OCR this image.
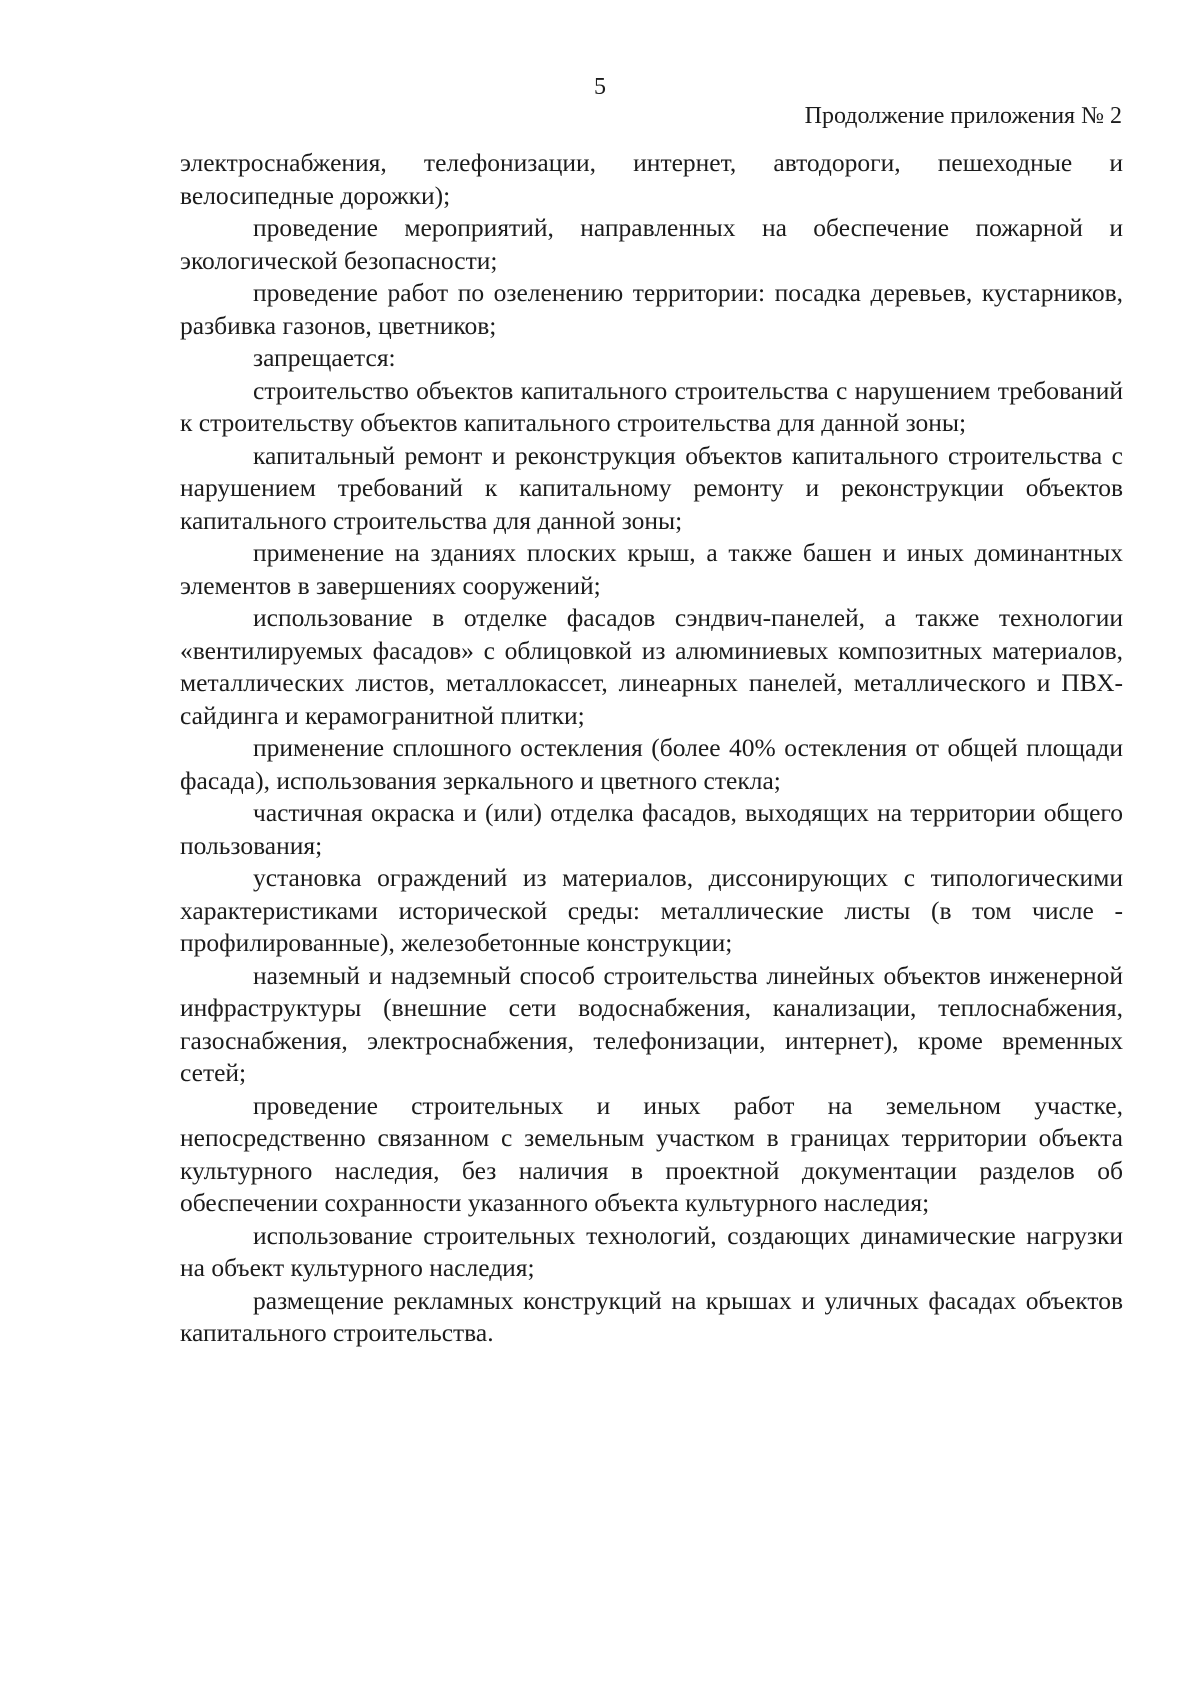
5
Продолжение приложения № 2

электроснабжения, телефонизации, интернет, автодороги, пешеходные и велосипедные дорожки);

проведение мероприятий, направленных на обеспечение пожарной и экологической безопасности;

проведение работ по озеленению территории: посадка деревьев, кустарников, разбивка газонов, цветников;

запрещается:

строительство объектов капитального строительства с нарушением требований к строительству объектов капитального строительства для данной зоны;

капитальный ремонт и реконструкция объектов капитального строительства с нарушением требований к капитальному ремонту и реконструкции объектов капитального строительства для данной зоны;

применение на зданиях плоских крыш, а также башен и иных доминантных элементов в завершениях сооружений;

использование в отделке фасадов сэндвич-панелей, а также технологии «вентилируемых фасадов» с облицовкой из алюминиевых композитных материалов, металлических листов, металлокассет, линеарных панелей, металлического и ПВХ-сайдинга и керамогранитной плитки;

применение сплошного остекления (более 40% остекления от общей площади фасада), использования зеркального и цветного стекла;

частичная окраска и (или) отделка фасадов, выходящих на территории общего пользования;

установка ограждений из материалов, диссонирующих с типологическими характеристиками исторической среды: металлические листы (в том числе - профилированные), железобетонные конструкции;

наземный и надземный способ строительства линейных объектов инженерной инфраструктуры (внешние сети водоснабжения, канализации, теплоснабжения, газоснабжения, электроснабжения, телефонизации, интернет), кроме временных сетей;

проведение строительных и иных работ на земельном участке, непосредственно связанном с земельным участком в границах территории объекта культурного наследия, без наличия в проектной документации разделов об обеспечении сохранности указанного объекта культурного наследия;

использование строительных технологий, создающих динамические нагрузки на объект культурного наследия;

размещение рекламных конструкций на крышах и уличных фасадах объектов капитального строительства.
